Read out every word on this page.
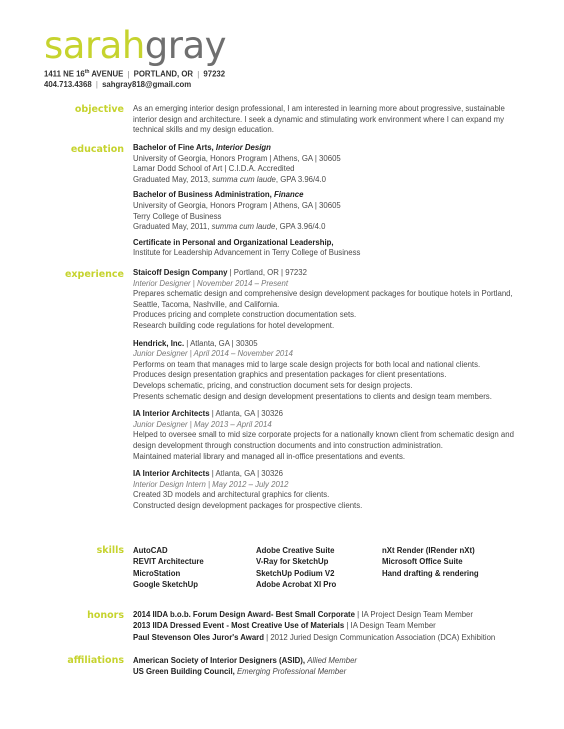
sarahgray
1411 NE 16th AVENUE | PORTLAND, OR | 97232
404.713.4368 | sahgray818@gmail.com
objective As an emerging interior design professional, I am interested in learning more about progressive, sustainable interior design and architecture. I seek a dynamic and stimulating work environment where I can expand my technical skills and my design education.
education Bachelor of Fine Arts, Interior Design
University of Georgia, Honors Program | Athens, GA | 30605
Lamar Dodd School of Art | C.I.D.A. Accredited
Graduated May, 2013, summa cum laude, GPA 3.96/4.0
Bachelor of Business Administration, Finance
University of Georgia, Honors Program | Athens, GA | 30605
Terry College of Business
Graduated May, 2011, summa cum laude, GPA 3.96/4.0
Certificate in Personal and Organizational Leadership,
Institute for Leadership Advancement in Terry College of Business
experience Staicoff Design Company | Portland, OR | 97232
Interior Designer | November 2014 – Present
Prepares schematic design and comprehensive design development packages for boutique hotels in Portland, Seattle, Tacoma, Nashville, and California.
Produces pricing and complete construction documentation sets.
Research building code regulations for hotel development.
Hendrick, Inc. | Atlanta, GA | 30305
Junior Designer | April 2014 – November 2014
Performs on team that manages mid to large scale design projects for both local and national clients.
Produces design presentation graphics and presentation packages for client presentations.
Develops schematic, pricing, and construction document sets for design projects.
Presents schematic design and design development presentations to clients and design team members.
IA Interior Architects | Atlanta, GA | 30326
Junior Designer | May 2013 – April 2014
Helped to oversee small to mid size corporate projects for a nationally known client from schematic design and design development through construction documents and into construction administration.
Maintained material library and managed all in-office presentations and events.
IA Interior Architects | Atlanta, GA | 30326
Interior Design Intern | May 2012 – July 2012
Created 3D models and architectural graphics for clients.
Constructed design development packages for prospective clients.
skills AutoCAD	Adobe Creative Suite	nXt Render (IRender nXt)
REVIT Architecture	V-Ray for SketchUp	Microsoft Office Suite
MicroStation	SketchUp Podium V2	Hand drafting & rendering
Google SketchUp	Adobe Acrobat XI Pro
honors 2014 IIDA b.o.b. Forum Design Award- Best Small Corporate | IA Project Design Team Member
2013 IIDA Dressed Event - Most Creative Use of Materials | IA Design Team Member
Paul Stevenson Oles Juror's Award | 2012 Juried Design Communication Association (DCA) Exhibition
affiliations American Society of Interior Designers (ASID), Allied Member
US Green Building Council, Emerging Professional Member
